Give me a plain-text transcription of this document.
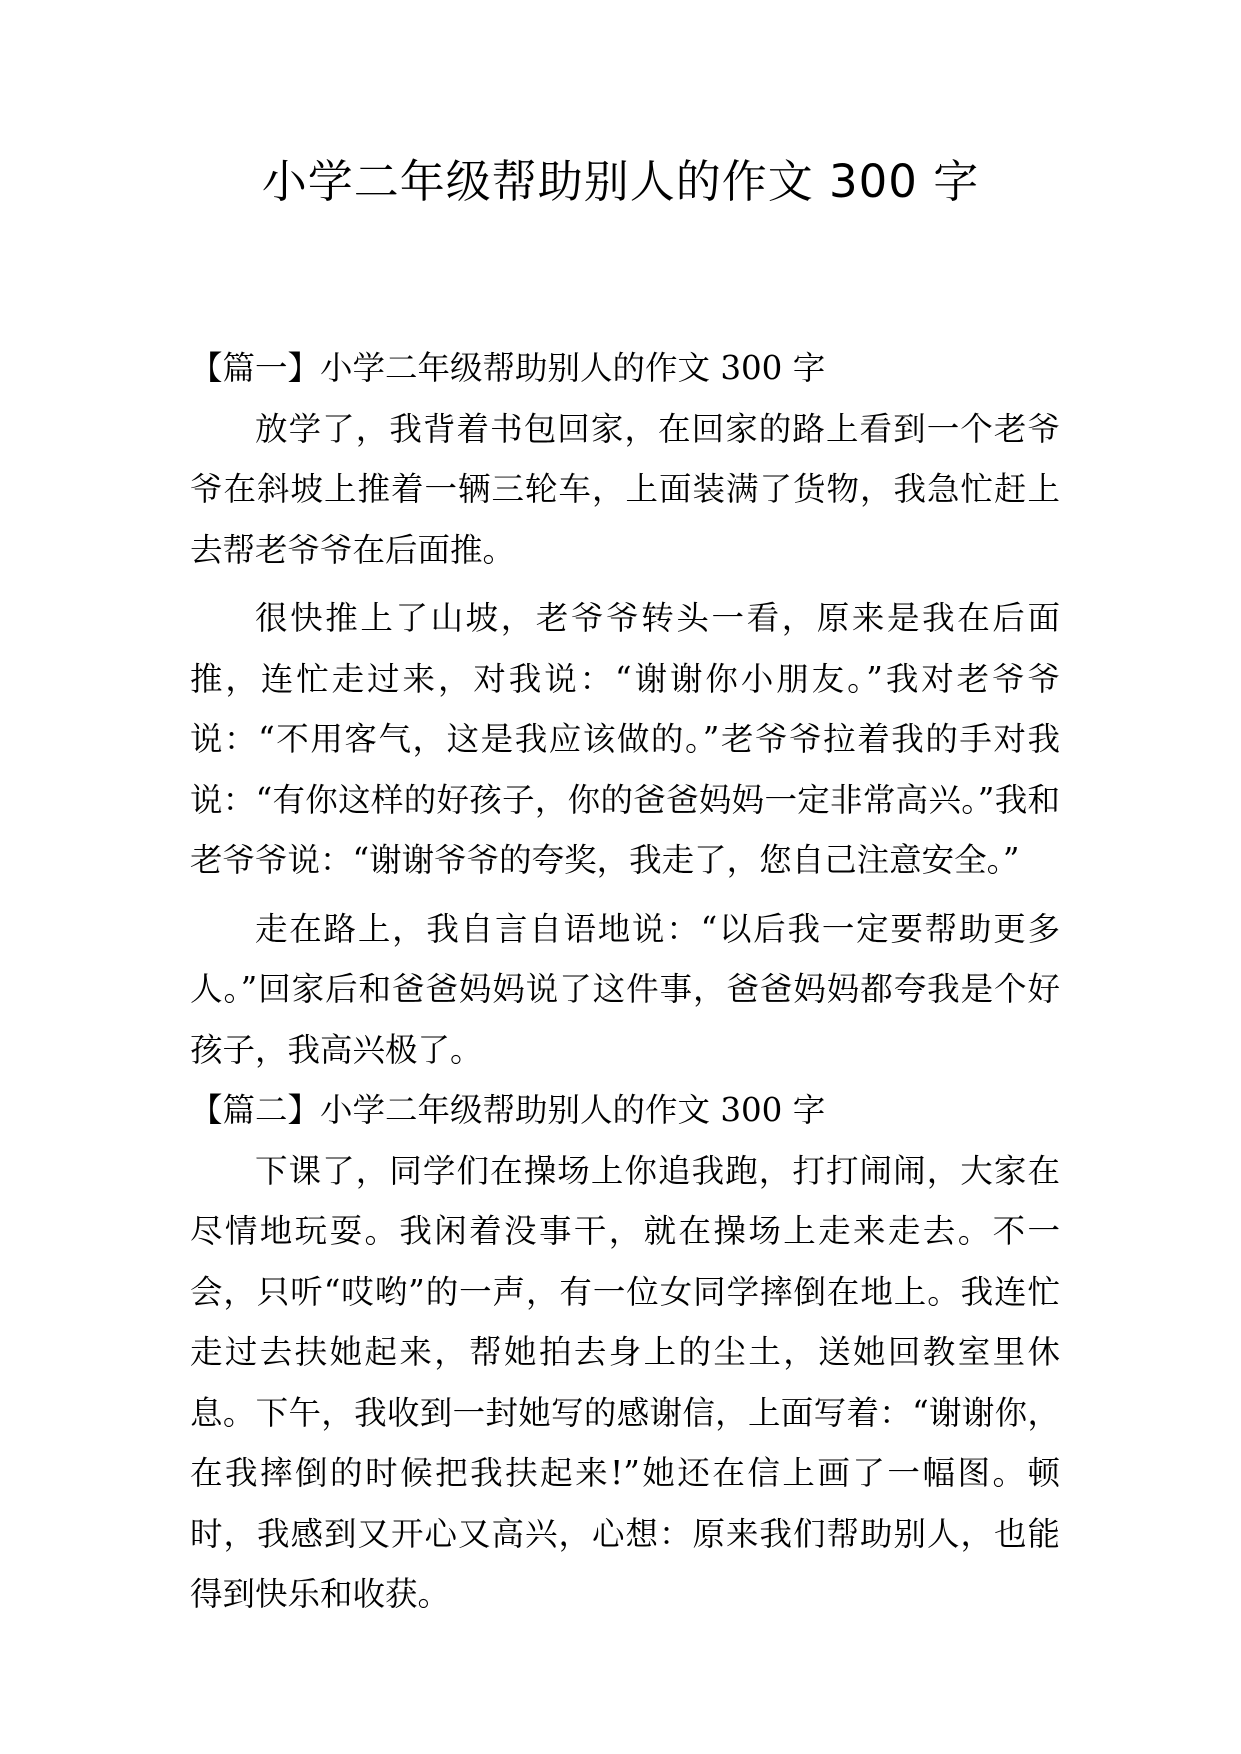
小学二年级帮助别人的作文 300 字
【篇一】小学二年级帮助别人的作文 300 字

放学了，我背着书包回家，在回家的路上看到一个老爷爷在斜坡上推着一辆三轮车，上面装满了货物，我急忙赶上去帮老爷爷在后面推。

很快推上了山坡，老爷爷转头一看，原来是我在后面推，连忙走过来，对我说：“谢谢你小朋友。”我对老爷爷说：“不用客气，这是我应该做的。”老爷爷拉着我的手对我说：“有你这样的好孩子，你的爸爸妈妈一定非常高兴。”我和老爷爷说：“谢谢爷爷的夸奖，我走了，您自己注意安全。”

走在路上，我自言自语地说：“以后我一定要帮助更多人。”回家后和爸爸妈妈说了这件事，爸爸妈妈都夸我是个好孩子，我高兴极了。

【篇二】小学二年级帮助别人的作文 300 字

下课了，同学们在操场上你追我跑，打打闹闹，大家在尽情地玩耍。我闲着没事干，就在操场上走来走去。不一会，只听“哎哟”的一声，有一位女同学摔倒在地上。我连忙走过去扶她起来，帮她拍去身上的尘土，送她回教室里休息。下午，我收到一封她写的感谢信，上面写着：“谢谢你，在我摔倒的时候把我扶起来!”她还在信上画了一幅图。顿时，我感到又开心又高兴，心想：原来我们帮助别人，也能得到快乐和收获。
